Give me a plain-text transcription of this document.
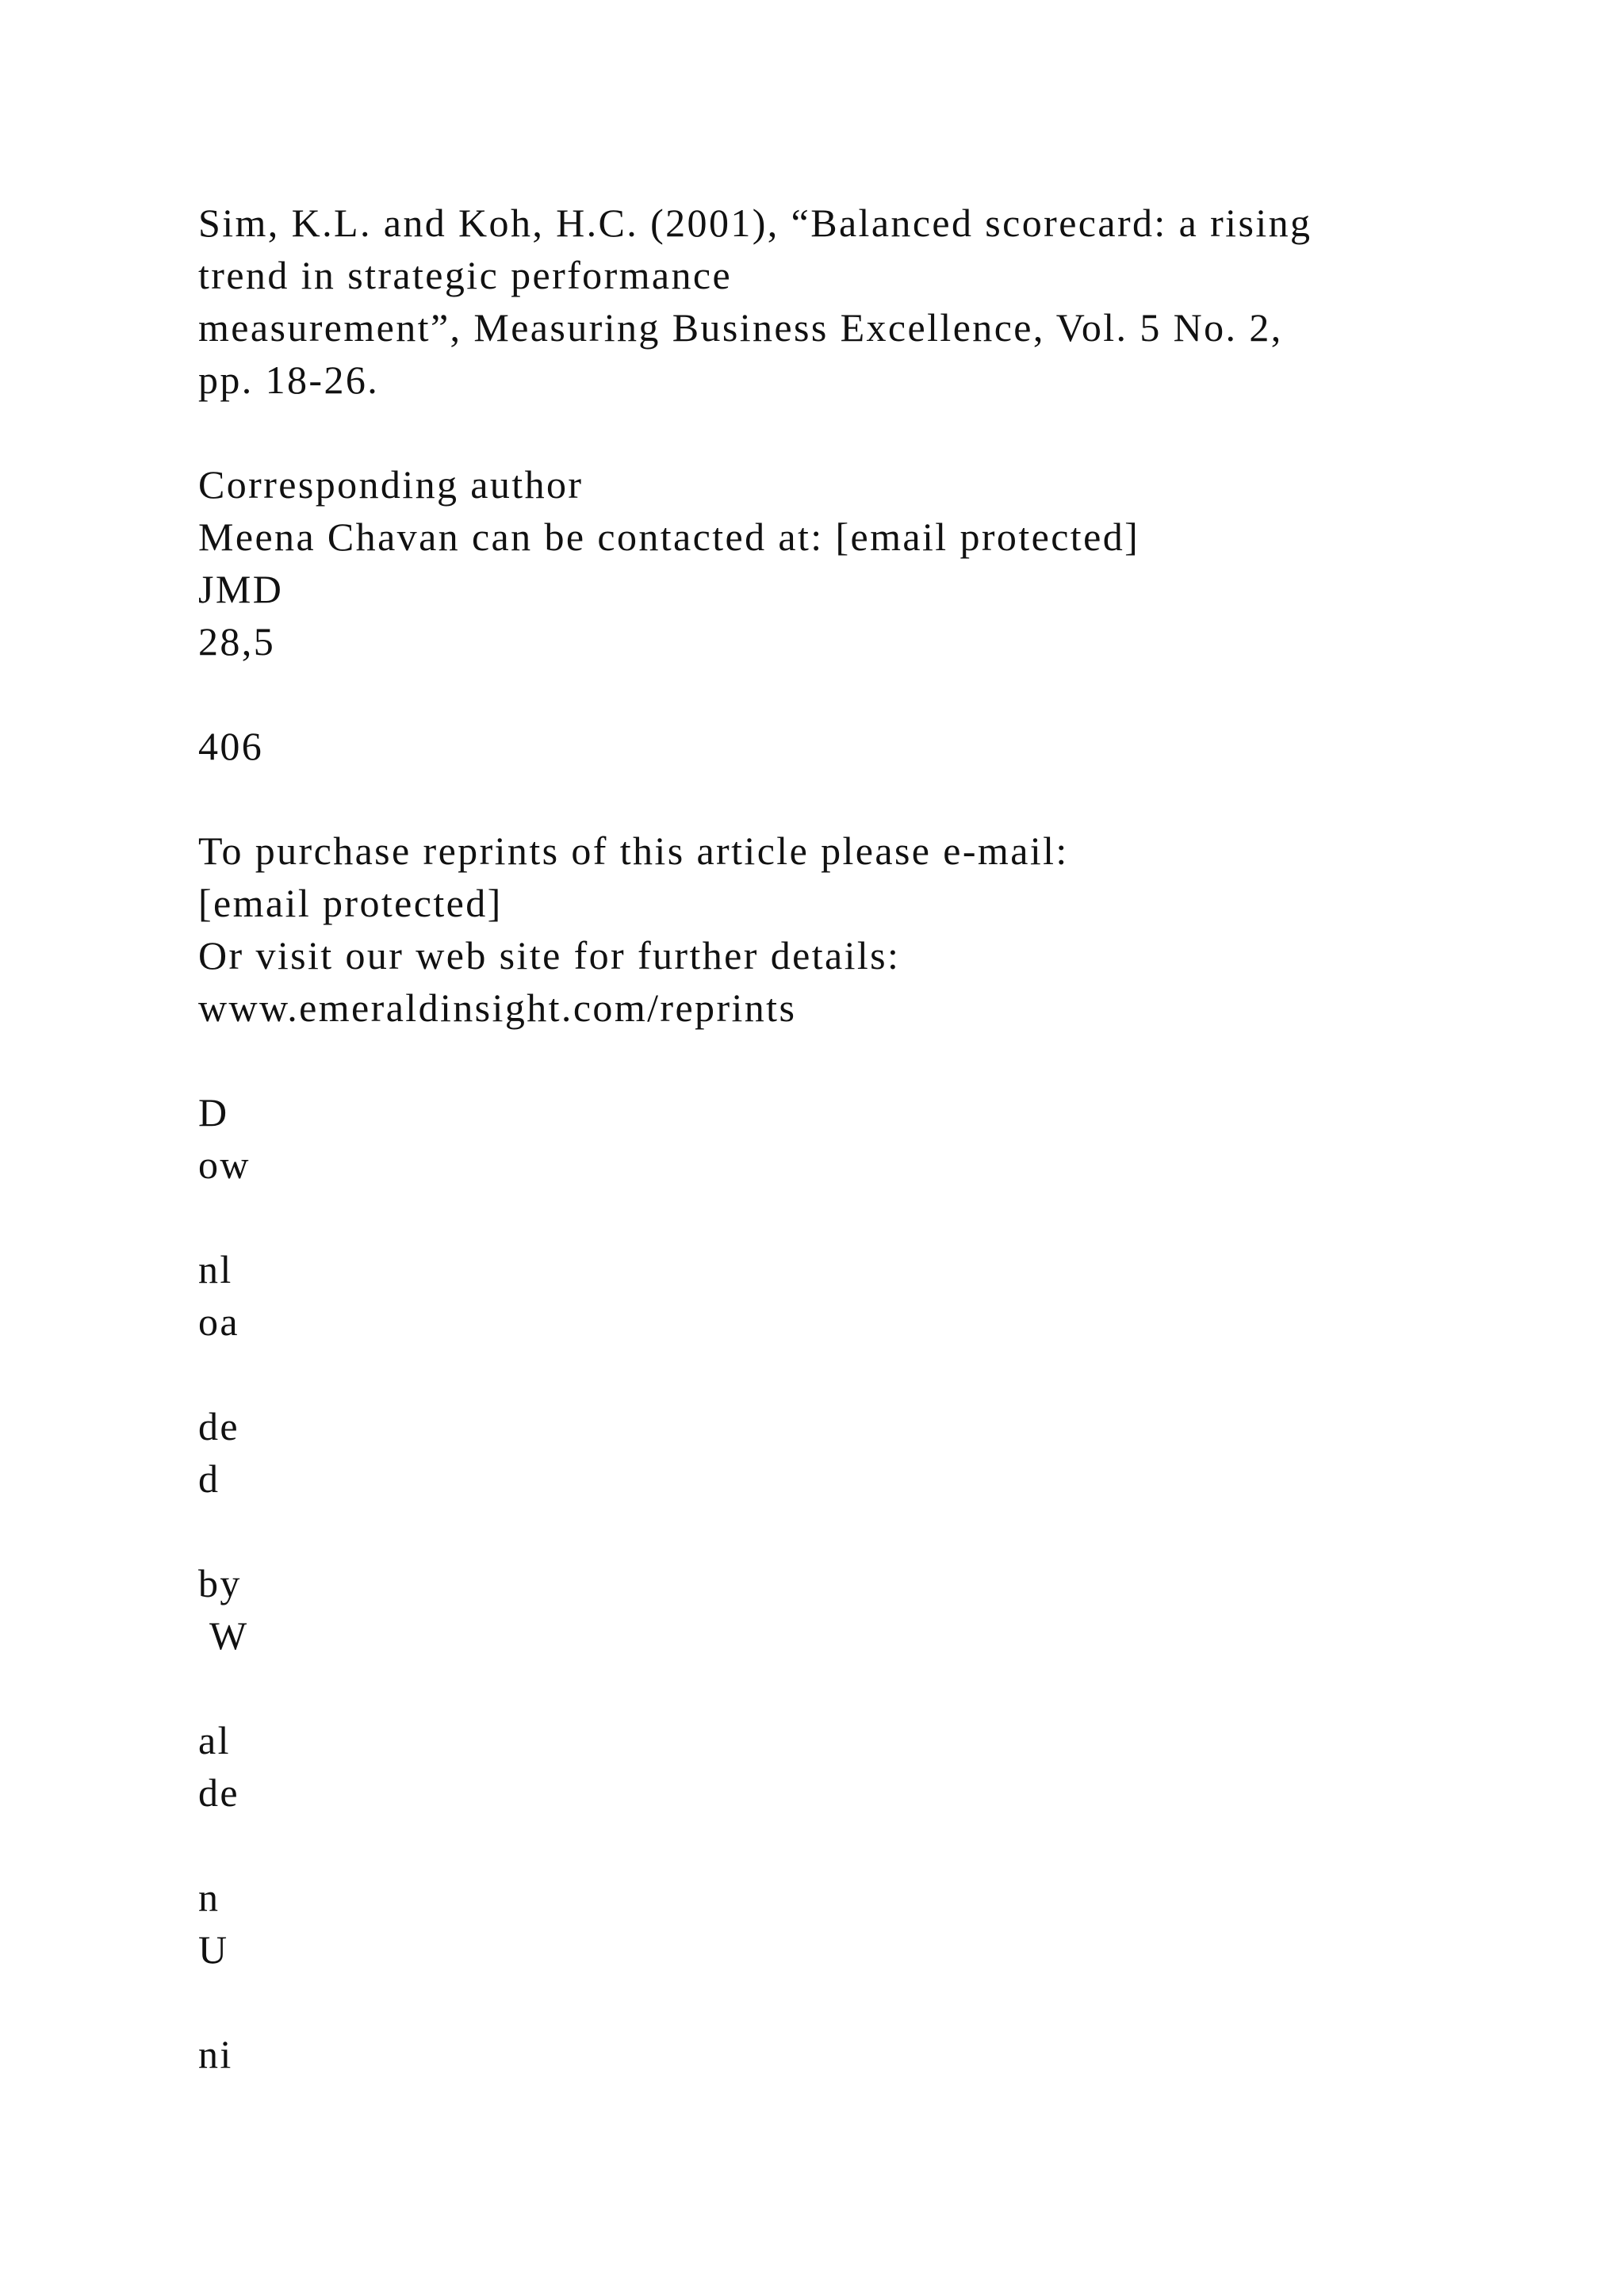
Sim, K.L. and Koh, H.C. (2001), “Balanced scorecard: a rising

trend in strategic performance

measurement”, Measuring Business Excellence, Vol. 5 No. 2,

pp. 18-26.

Corresponding author

Meena Chavan can be contacted at: [email protected]

JMD

28,5

406

To purchase reprints of this article please e-mail:

[email protected]

Or visit our web site for further details:

www.emeraldinsight.com/reprints

D

ow

nl

oa

de

d

by

W

al

de

n

U

ni
